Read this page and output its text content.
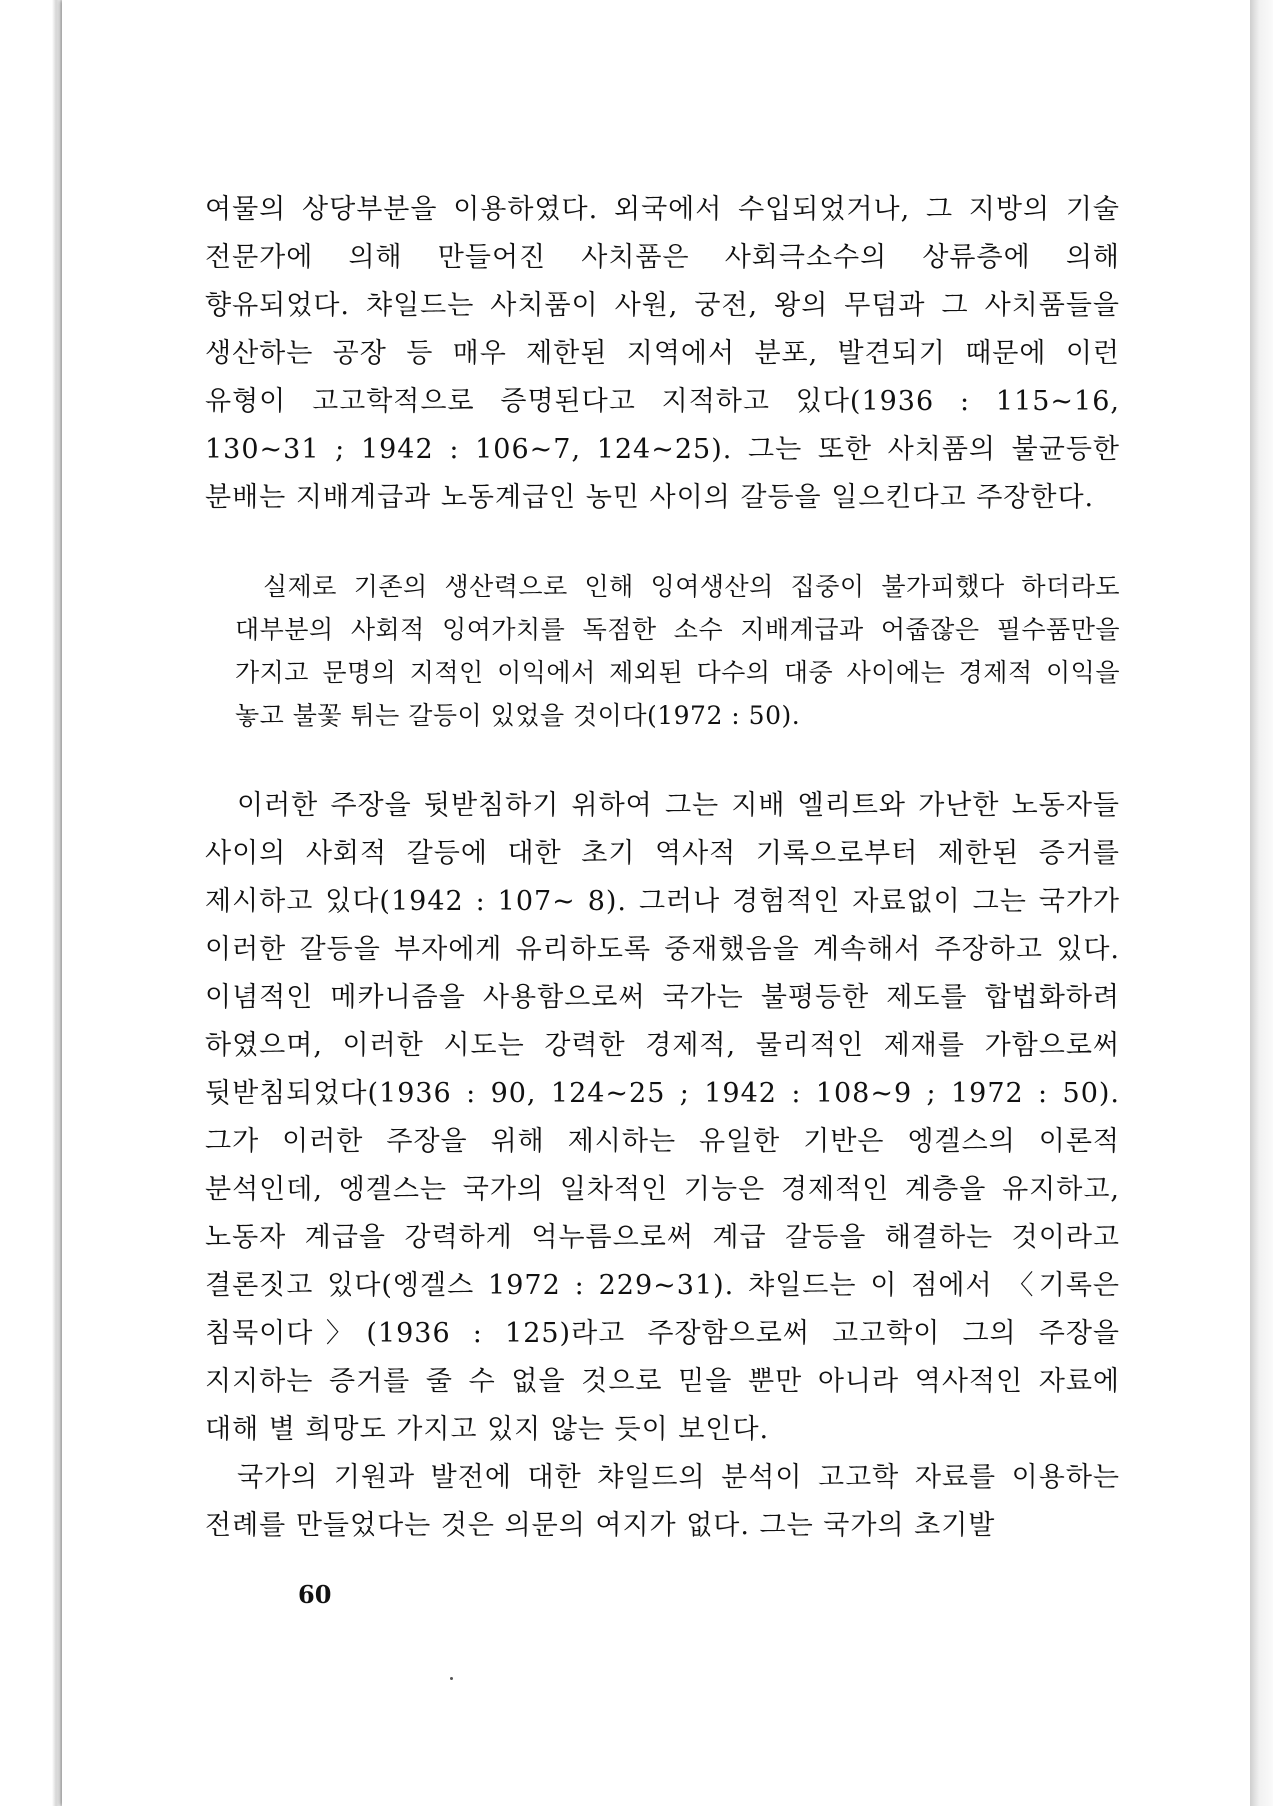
여물의 상당부분을 이용하였다. 외국에서 수입되었거나, 그 지방의 기술 전문가에 의해 만들어진 사치품은 사회극소수의 상류층에 의해 향유되었다. 챠일드는 사치품이 사원, 궁전, 왕의 무덤과 그 사치품들을 생산하는 공장 등 매우 제한된 지역에서 분포, 발견되기 때문에 이런 유형이 고고학적으로 증명된다고 지적하고 있다(1936 : 115~16, 130~31 ; 1942 : 106~7, 124~25). 그는 또한 사치품의 불균등한 분배는 지배계급과 노동계급인 농민 사이의 갈등을 일으킨다고 주장한다.

실제로 기존의 생산력으로 인해 잉여생산의 집중이 불가피했다 하더라도 대부분의 사회적 잉여가치를 독점한 소수 지배계급과 어줍잖은 필수품만을 가지고 문명의 지적인 이익에서 제외된 다수의 대중 사이에는 경제적 이익을 놓고 불꽃 튀는 갈등이 있었을 것이다(1972 : 50).

이러한 주장을 뒷받침하기 위하여 그는 지배 엘리트와 가난한 노동자들 사이의 사회적 갈등에 대한 초기 역사적 기록으로부터 제한된 증거를 제시하고 있다(1942 : 107~ 8). 그러나 경험적인 자료없이 그는 국가가 이러한 갈등을 부자에게 유리하도록 중재했음을 계속해서 주장하고 있다. 이념적인 메카니즘을 사용함으로써 국가는 불평등한 제도를 합법화하려 하였으며, 이러한 시도는 강력한 경제적, 물리적인 제재를 가함으로써 뒷받침되었다(1936 : 90, 124~25 ; 1942 : 108~9 ; 1972 : 50). 그가 이러한 주장을 위해 제시하는 유일한 기반은 엥겔스의 이론적 분석인데, 엥겔스는 국가의 일차적인 기능은 경제적인 계층을 유지하고, 노동자 계급을 강력하게 억누름으로써 계급 갈등을 해결하는 것이라고 결론짓고 있다(엥겔스 1972 : 229~31). 챠일드는 이 점에서 〈기록은 침묵이다〉(1936 : 125)라고 주장함으로써 고고학이 그의 주장을 지지하는 증거를 줄 수 없을 것으로 믿을 뿐만 아니라 역사적인 자료에 대해 별 희망도 가지고 있지 않는 듯이 보인다.

국가의 기원과 발전에 대한 챠일드의 분석이 고고학 자료를 이용하는 전례를 만들었다는 것은 의문의 여지가 없다. 그는 국가의 초기발

60
